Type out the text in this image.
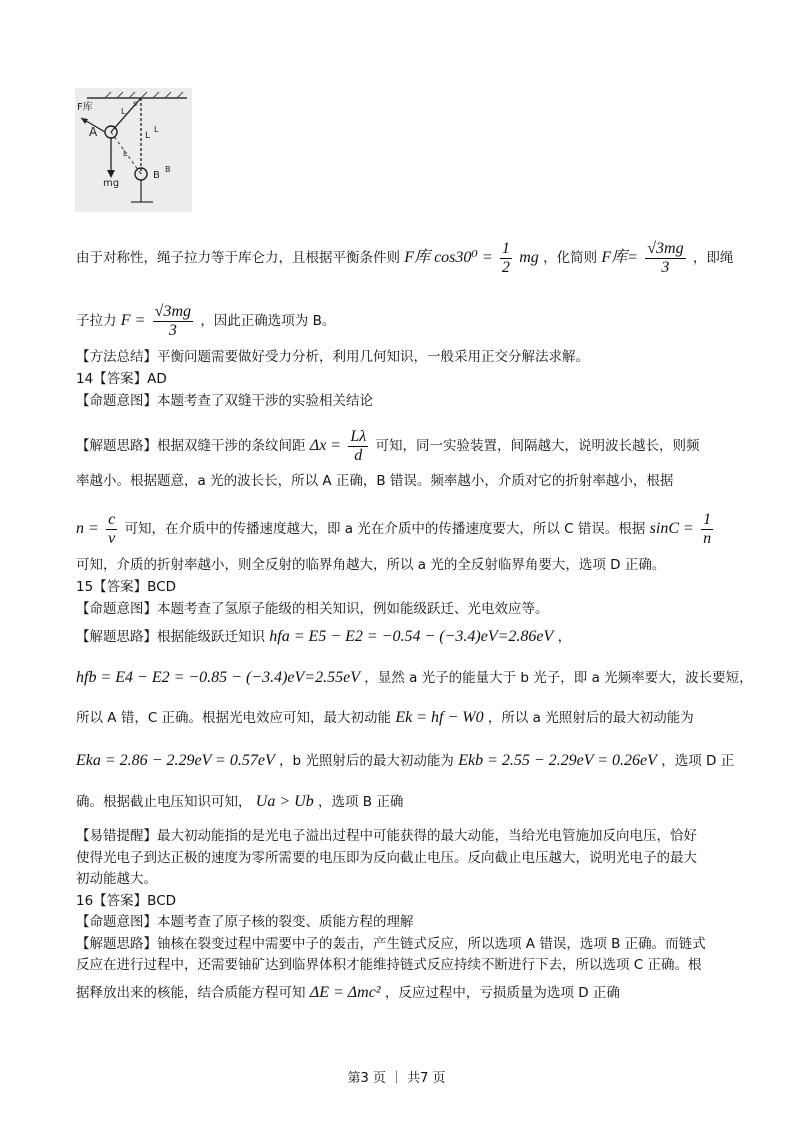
F库	L
s
A
L
L
mg
B
B
L
由于对称性，绳子拉力等于库仑力，且根据平衡条件则 F库 $\cos 30^0 = \frac{1}{2}$ mg ，化简则 F库= $\frac{√3mg}{3}$ ，即绳
子拉力 $F = \frac{√3mg}{3}$ ，因此正确选项为 B。
【方法总结】平衡问题需要做好受力分析，利用几何知识，一般采用正交分解法求解。
14【答案】AD
【命题意图】本题考查了双缝干涉的实验相关结论
【解题思路】根据双缝干涉的条纹间距 $\Delta x = \frac{L\lambda}{d}$ 可知，同一实验装置，间隔越大，说明波长越长，则频
率越小。根据题意，a 光的波长长，所以 A 正确，B 错误。频率越小，介质对它的折射率越小，根据
$n = \frac{c}{v}$ 可知，在介质中的传播速度越大，即 a 光在介质中的传播速度要大，所以 C 错误。根据 $\sin C = \frac{1}{n}$
可知，介质的折射率越小，则全反射的临界角越大，所以 a 光的全反射临界角要大，选项 D 正确。
15【答案】BCD
【命题意图】本题考查了氢原子能级的相关知识，例如能级跃迁、光电效应等。
【解题思路】根据能级跃迁知识 hfa = E5 − E2 = −0.54 − (−3.4)eV=2.86eV ，
hfb = E4 − E2 = −0.85 − (−3.4)eV=2.55eV ，显然 a 光子的能量大于 b 光子，即 a 光频率要大，波长要短，
所以 A 错，C 正确。根据光电效应可知，最大初动能 Ek = hf − W0 ，所以 a 光照射后的最大初动能为
Eka = 2.86 − 2.29eV = 0.57eV ，b 光照射后的最大初动能为 Ekb = 2.55 − 2.29eV = 0.26eV ，选项 D 正
确。根据截止电压知识可知， Ua > Ub ，选项 B 正确
【易错提醒】最大初动能指的是光电子溢出过程中可能获得的最大动能，当给光电管施加反向电压，恰好
使得光电子到达正极的速度为零所需要的电压即为反向截止电压。反向截止电压越大，说明光电子的最大
初动能越大。
16【答案】BCD
【命题意图】本题考查了原子核的裂变、质能方程的理解
【解题思路】铀核在裂变过程中需要中子的轰击，产生链式反应，所以选项 A 错误，选项 B 正确。而链式
反应在进行过程中，还需要铀矿达到临界体积才能维持链式反应持续不断进行下去，所以选项 C 正确。根
据释放出来的核能，结合质能方程可知 ΔE = Δmc² ，反应过程中，亏损质量为选项 D 正确
第3 页 ｜ 共7 页
